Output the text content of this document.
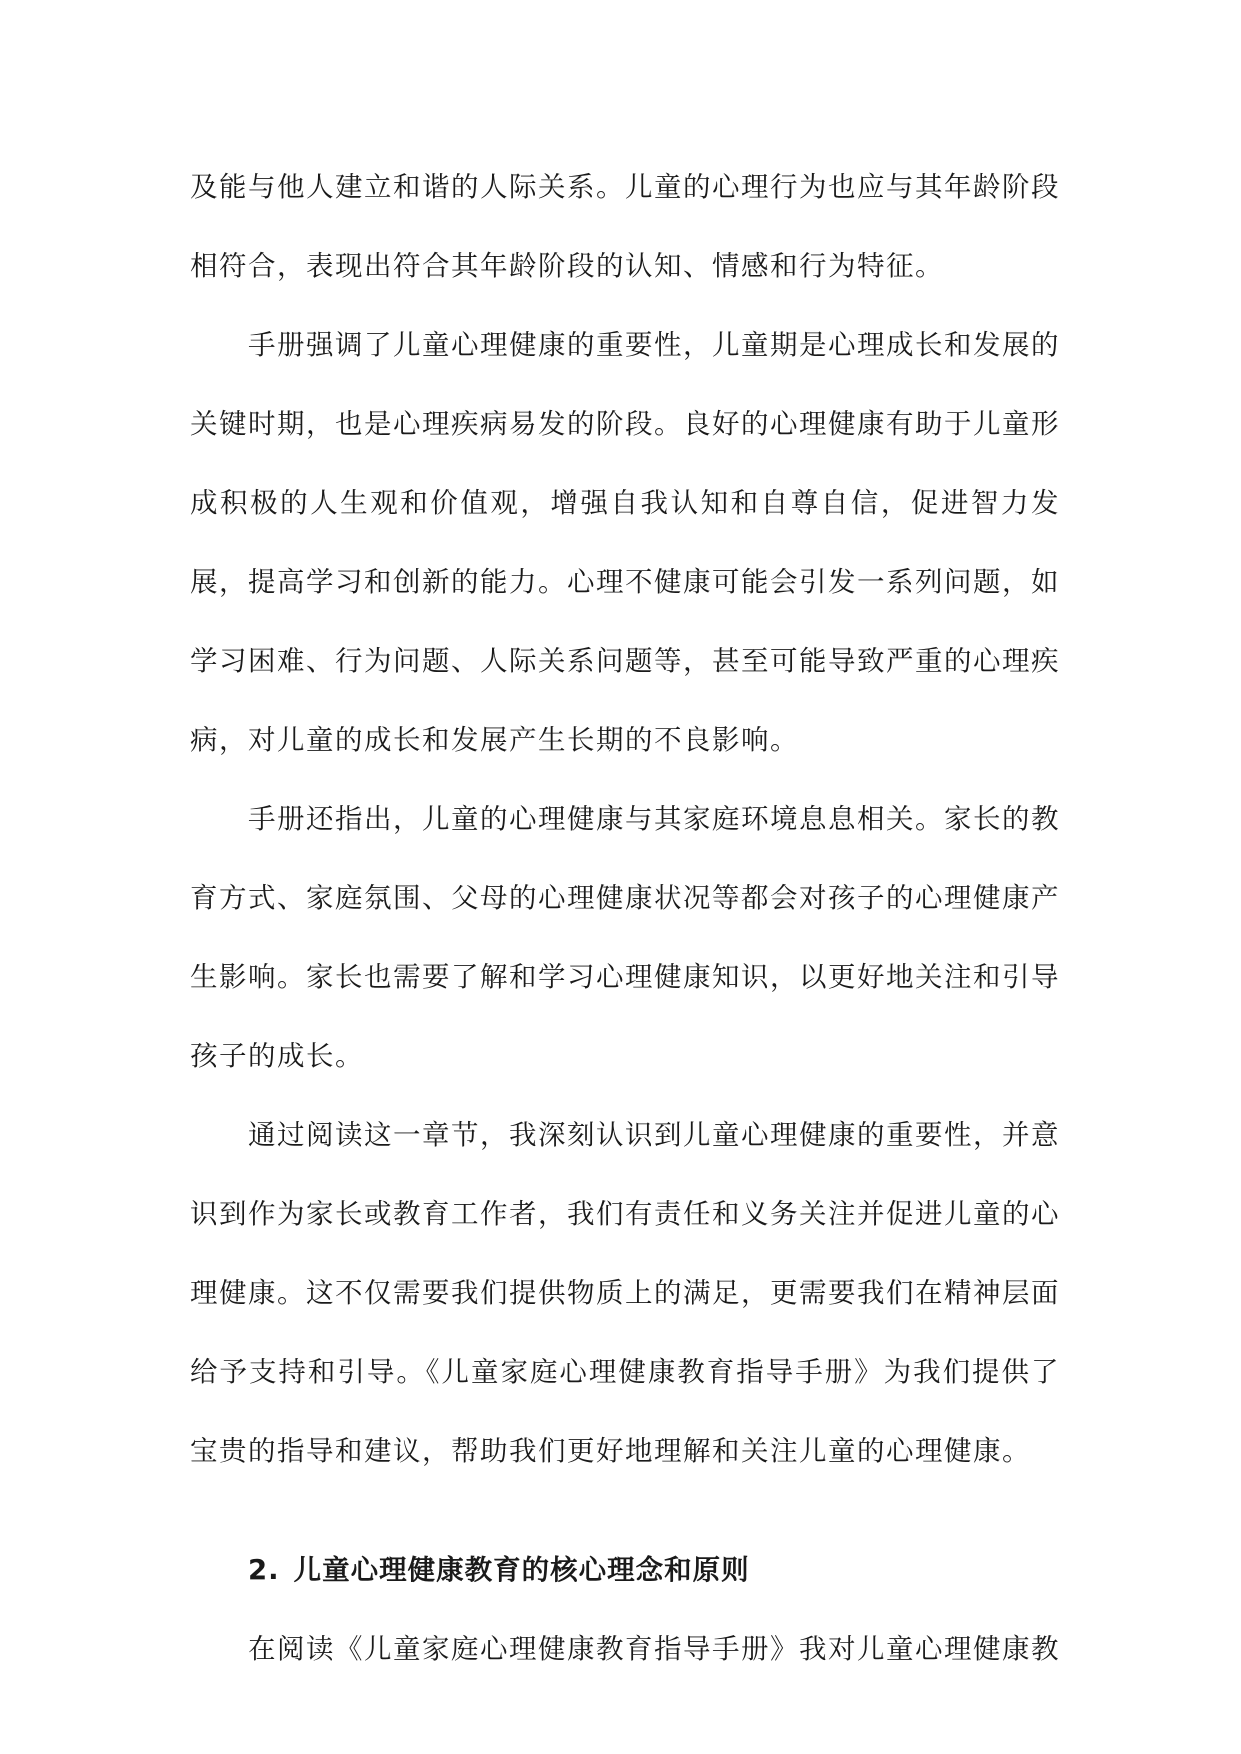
及能与他人建立和谐的人际关系。儿童的心理行为也应与其年龄阶段相符合，表现出符合其年龄阶段的认知、情感和行为特征。

手册强调了儿童心理健康的重要性，儿童期是心理成长和发展的关键时期，也是心理疾病易发的阶段。良好的心理健康有助于儿童形成积极的人生观和价值观，增强自我认知和自尊自信，促进智力发展，提高学习和创新的能力。心理不健康可能会引发一系列问题，如学习困难、行为问题、人际关系问题等，甚至可能导致严重的心理疾病，对儿童的成长和发展产生长期的不良影响。

手册还指出，儿童的心理健康与其家庭环境息息相关。家长的教育方式、家庭氛围、父母的心理健康状况等都会对孩子的心理健康产生影响。家长也需要了解和学习心理健康知识，以更好地关注和引导孩子的成长。

通过阅读这一章节，我深刻认识到儿童心理健康的重要性，并意识到作为家长或教育工作者，我们有责任和义务关注并促进儿童的心理健康。这不仅需要我们提供物质上的满足，更需要我们在精神层面给予支持和引导。《儿童家庭心理健康教育指导手册》为我们提供了宝贵的指导和建议，帮助我们更好地理解和关注儿童的心理健康。

2. 儿童心理健康教育的核心理念和原则

在阅读《儿童家庭心理健康教育指导手册》我对儿童心理健康教
